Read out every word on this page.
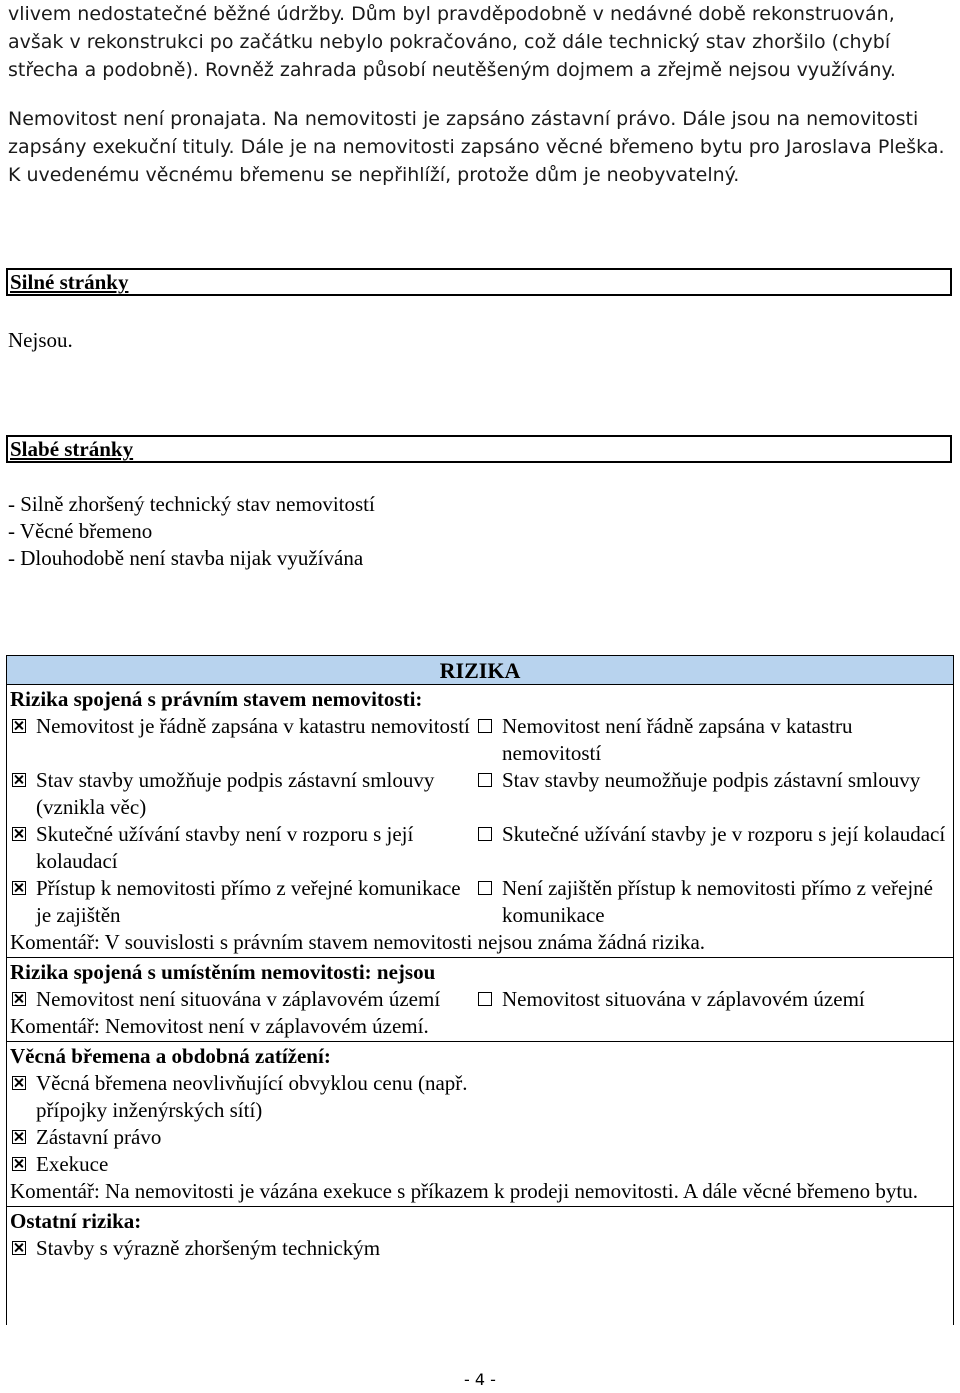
vlivem nedostatečné běžné údržby. Dům byl pravděpodobně v nedávné době rekonstruován, avšak v rekonstrukci po začátku nebylo pokračováno, což dále technický stav zhoršilo (chybí střecha a podobně). Rovněž zahrada působí neutěšeným dojmem a zřejmě nejsou využívány.

Nemovitost není pronajata. Na nemovitosti je zapsáno zástavní právo. Dále jsou na nemovitosti zapsány exekuční tituly. Dále je na nemovitosti zapsáno věcné břemeno bytu pro Jaroslava Pleška. K uvedenému věcnému břemenu se nepřihlíží, protože dům je neobyvatelný.
Silné stránky
Nejsou.
Slabé stránky

- Silně zhoršený technický stav nemovitostí

- Věcné břemeno

- Dlouhodobě není stavba nijak využívána

RIZIKA
Rizika spojená s právním stavem nemovitosti:
Nemovitost je řádně zapsána v katastru nemovitostí Nemovitost není řádně zapsána v katastru nemovitostí
Stav stavby umožňuje podpis zástavní smlouvy (vznikla věc)
Stav stavby neumožňuje podpis zástavní smlouvy
Skutečné užívání stavby není v rozporu s její kolaudací
Skutečné užívání stavby je v rozporu s její kolaudací
Přístup k nemovitosti přímo z veřejné komunikace je zajištěn
Není zajištěn přístup k nemovitosti přímo z veřejné komunikace

Komentář: V souvislosti s právním stavem nemovitosti nejsou známa žádná rizika.

Rizika spojená s umístěním nemovitosti: nejsou
Nemovitost není situována v záplavovém území	Nemovitost situována v záplavovém území

Komentář: Nemovitost není v záplavovém území.

Věcná břemena a obdobná zatížení:
Věcná břemena neovlivňující obvyklou cenu (např. přípojky inženýrských sítí)
Zástavní právo
Exekuce

Komentář: Na nemovitosti je vázána exekuce s příkazem k prodeji nemovitosti. A dále věcné břemeno bytu.

Ostatní rizika:
Stavby s výrazně zhoršeným technickým
- 4 -
